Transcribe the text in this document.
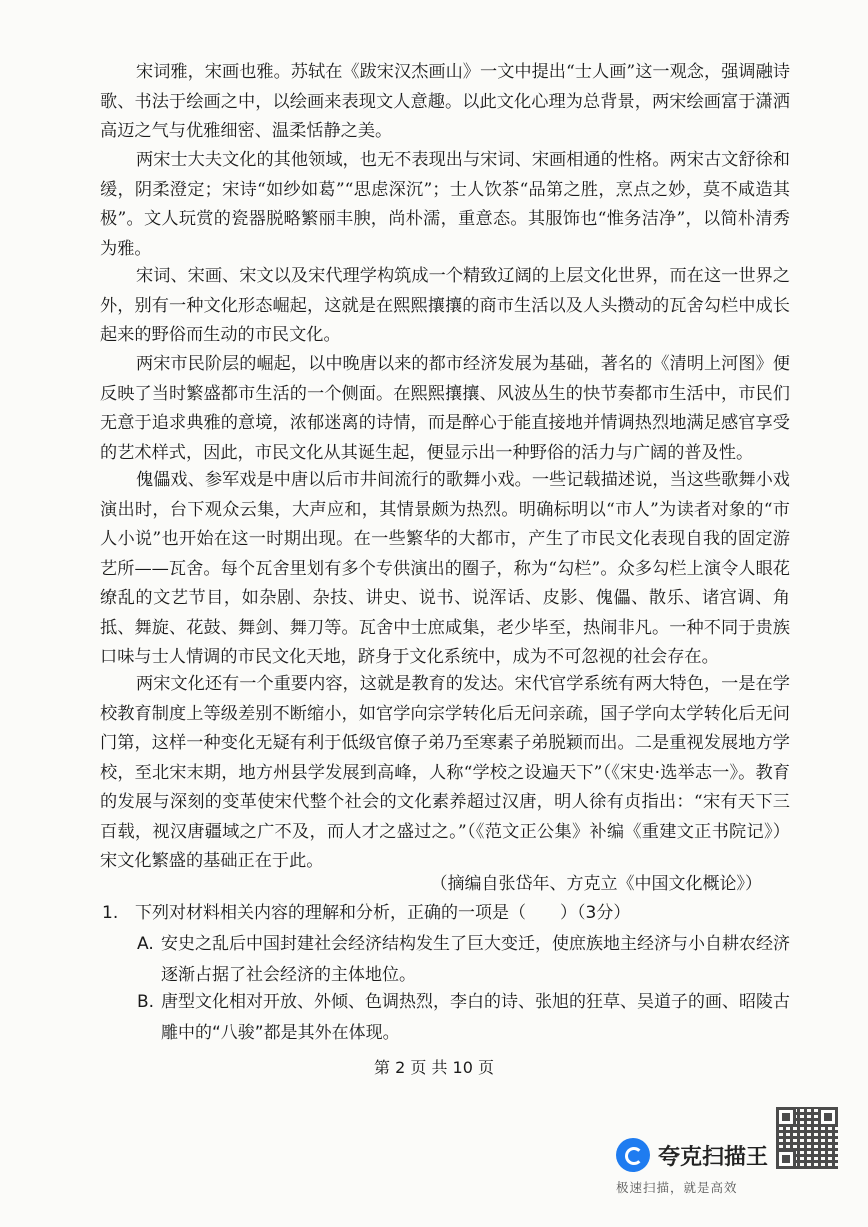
宋词雅，宋画也雅。苏轼在《跋宋汉杰画山》一文中提出“士人画”这一观念，强调融诗歌、书法于绘画之中，以绘画来表现文人意趣。以此文化心理为总背景，两宋绘画富于潇洒高迈之气与优雅细密、温柔恬静之美。

两宋士大夫文化的其他领域，也无不表现出与宋词、宋画相通的性格。两宋古文舒徐和缓，阴柔澄定；宋诗“如纱如葛”“思虑深沉”；士人饮茶“品第之胜，烹点之妙，莫不咸造其极”。文人玩赏的瓷器脱略繁丽丰腴，尚朴濡，重意态。其服饰也“惟务洁净”，以简朴清秀为雅。

宋词、宋画、宋文以及宋代理学构筑成一个精致辽阔的上层文化世界，而在这一世界之外，别有一种文化形态崛起，这就是在熙熙攘攘的商市生活以及人头攒动的瓦舍勾栏中成长起来的野俗而生动的市民文化。

两宋市民阶层的崛起，以中晚唐以来的都市经济发展为基础，著名的《清明上河图》便反映了当时繁盛都市生活的一个侧面。在熙熙攘攘、风波丛生的快节奏都市生活中，市民们无意于追求典雅的意境，浓郁迷离的诗情，而是醉心于能直接地并情调热烈地满足感官享受的艺术样式，因此，市民文化从其诞生起，便显示出一种野俗的活力与广阔的普及性。

傀儡戏、参军戏是中唐以后市井间流行的歌舞小戏。一些记载描述说，当这些歌舞小戏演出时，台下观众云集，大声应和，其情景颇为热烈。明确标明以“市人”为读者对象的“市人小说”也开始在这一时期出现。在一些繁华的大都市，产生了市民文化表现自我的固定游艺所——瓦舍。每个瓦舍里划有多个专供演出的圈子，称为“勾栏”。众多勾栏上演令人眼花缭乱的文艺节目，如杂剧、杂技、讲史、说书、说浑话、皮影、傀儡、散乐、诸宫调、角抵、舞旋、花鼓、舞剑、舞刀等。瓦舍中士庶咸集，老少毕至，热闹非凡。一种不同于贵族口味与士人情调的市民文化天地，跻身于文化系统中，成为不可忽视的社会存在。

两宋文化还有一个重要内容，这就是教育的发达。宋代官学系统有两大特色，一是在学校教育制度上等级差别不断缩小，如官学向宗学转化后无问亲疏，国子学向太学转化后无问门第，这样一种变化无疑有利于低级官僚子弟乃至寒素子弟脱颖而出。二是重视发展地方学校，至北宋末期，地方州县学发展到高峰，人称“学校之设遍天下”（《宋史·选举志一》。教育的发展与深刻的变革使宋代整个社会的文化素养超过汉唐，明人徐有贞指出：“宋有天下三百载，视汉唐疆域之广不及，而人才之盛过之。”（《范文正公集》补编《重建文正书院记》）宋文化繁盛的基础正在于此。

（摘编自张岱年、方克立《中国文化概论》）
1. 下列对材料相关内容的理解和分析，正确的一项是（　　）（3分）
A. 安史之乱后中国封建社会经济结构发生了巨大变迁，使庶族地主经济与小自耕农经济逐渐占据了社会经济的主体地位。
B. 唐型文化相对开放、外倾、色调热烈，李白的诗、张旭的狂草、吴道子的画、昭陵古雕中的“八骏”都是其外在体现。
第 2 页 共 10 页
夸克扫描王
极速扫描，就是高效
